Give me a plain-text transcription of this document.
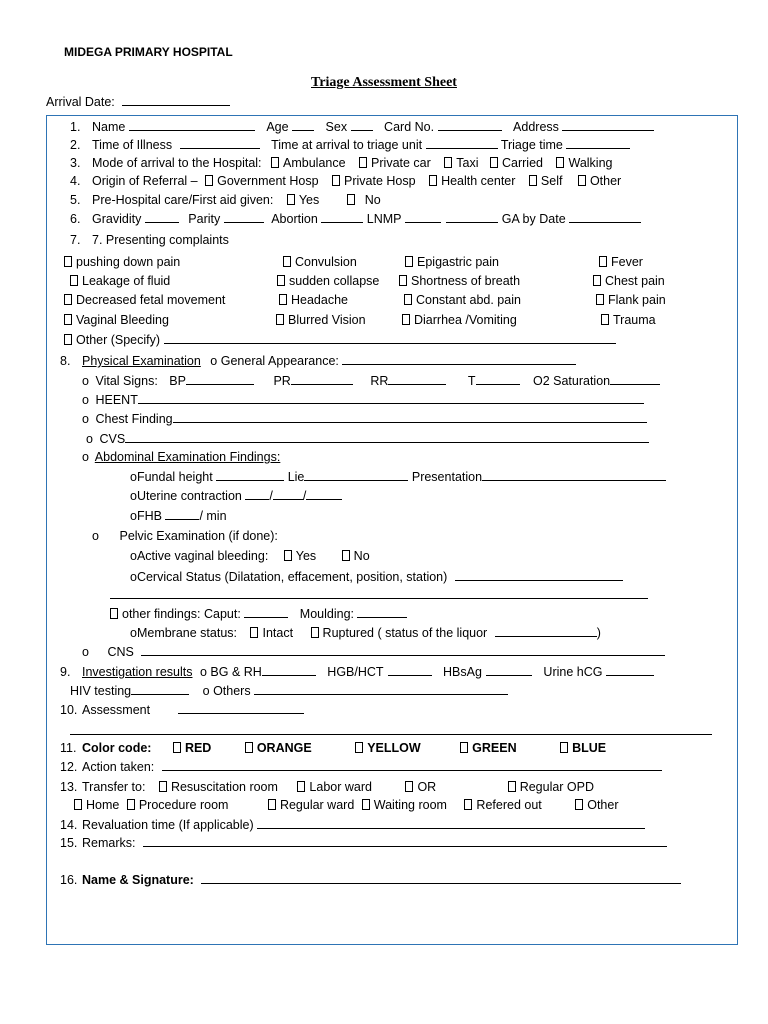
MIDEGA PRIMARY HOSPITAL
Triage Assessment Sheet
Arrival Date:
1. Name	Age	Sex	Card No.	Address
2. Time of Illness	Time at arrival to triage unit	Triage time
3. Mode of arrival to the Hospital: Ambulance Private car Taxi Carried Walking
4. Origin of Referral – Government Hosp Private Hosp Health center Self Other
5. Pre-Hospital care/First aid given: Yes	No
6. Gravidity	Parity	Abortion	LNMP	GA by Date
7. 7. Presenting complaints
pushing down pain	Convulsion	Epigastric pain	Fever
Leakage of fluid	sudden collapse	Shortness of breath	Chest pain
Decreased fetal movement	Headache	Constant abd. pain	Flank pain
Vaginal Bleeding	Blurred Vision	Diarrhea /Vomiting	Trauma
Other (Specify)
8. Physical Examination o General Appearance:
o Vital Signs: BP	PR	RR	T	O2 Saturation
o HEENT
o Chest Finding
o CVS
o Abdominal Examination Findings:
oFundal height	Lie	Presentation
oUterine contraction / /
oFHB	/ min
o Pelvic Examination (if done):
oActive vaginal bleeding: Yes	No
oCervical Status (Dilatation, effacement, position, station)
other findings: Caput:	Moulding:
oMembrane status: Intact Ruptured ( status of the liquor	)
o CNS
9. Investigation results o BG & RH	HGB/HCT	HBsAg	Urine hCG
HIV testing	o Others
10. Assessment
11. Color code:	RED	ORANGE	YELLOW	GREEN	BLUE
12. Action taken:
13. Transfer to: Resuscitation room	Labor ward	OR	Regular OPD
Home Procedure room	Regular ward Waiting room Refered out	Other
14. Revaluation time (If applicable)
15. Remarks:
16. Name & Signature:
